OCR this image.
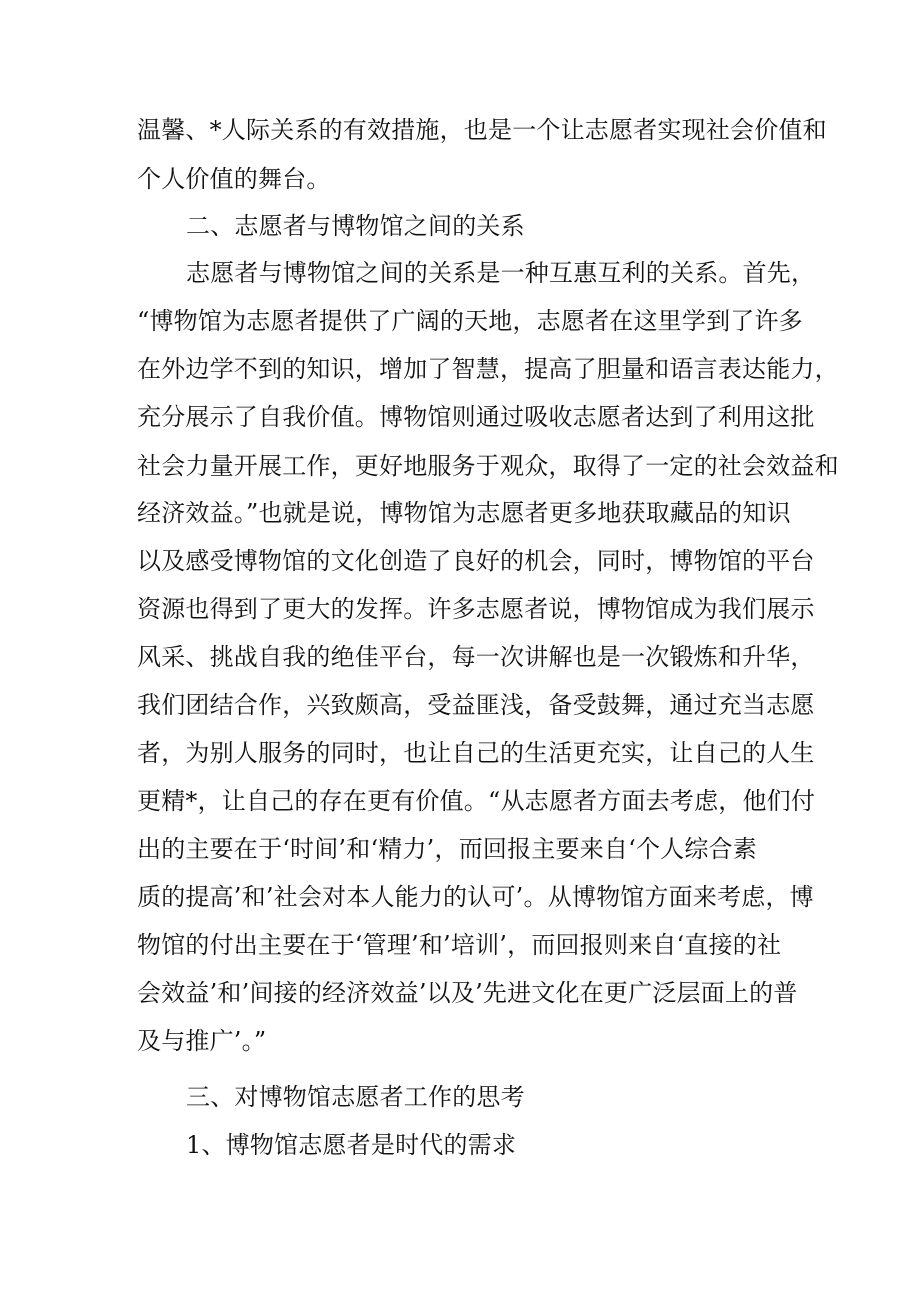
温馨、*人际关系的有效措施，也是一个让志愿者实现社会价值和
个人价值的舞台。
二、志愿者与博物馆之间的关系
志愿者与博物馆之间的关系是一种互惠互利的关系。首先，
“博物馆为志愿者提供了广阔的天地，志愿者在这里学到了许多
在外边学不到的知识，增加了智慧，提高了胆量和语言表达能力，
充分展示了自我价值。博物馆则通过吸收志愿者达到了利用这批
社会力量开展工作，更好地服务于观众，取得了一定的社会效益和
经济效益。”也就是说，博物馆为志愿者更多地获取藏品的知识
以及感受博物馆的文化创造了良好的机会，同时，博物馆的平台
资源也得到了更大的发挥。许多志愿者说，博物馆成为我们展示
风采、挑战自我的绝佳平台，每一次讲解也是一次锻炼和升华，
我们团结合作，兴致颇高，受益匪浅，备受鼓舞，通过充当志愿
者，为别人服务的同时，也让自己的生活更充实，让自己的人生
更精*，让自己的存在更有价值。“从志愿者方面去考虑，他们付
出的主要在于‘时间’和‘精力’，而回报主要来自‘个人综合素
质的提高’和’社会对本人能力的认可’。从博物馆方面来考虑，博
物馆的付出主要在于‘管理’和’培训’，而回报则来自‘直接的社
会效益’和’间接的经济效益’以及’先进文化在更广泛层面上的普
及与推广’。”
三、对博物馆志愿者工作的思考
1、博物馆志愿者是时代的需求
